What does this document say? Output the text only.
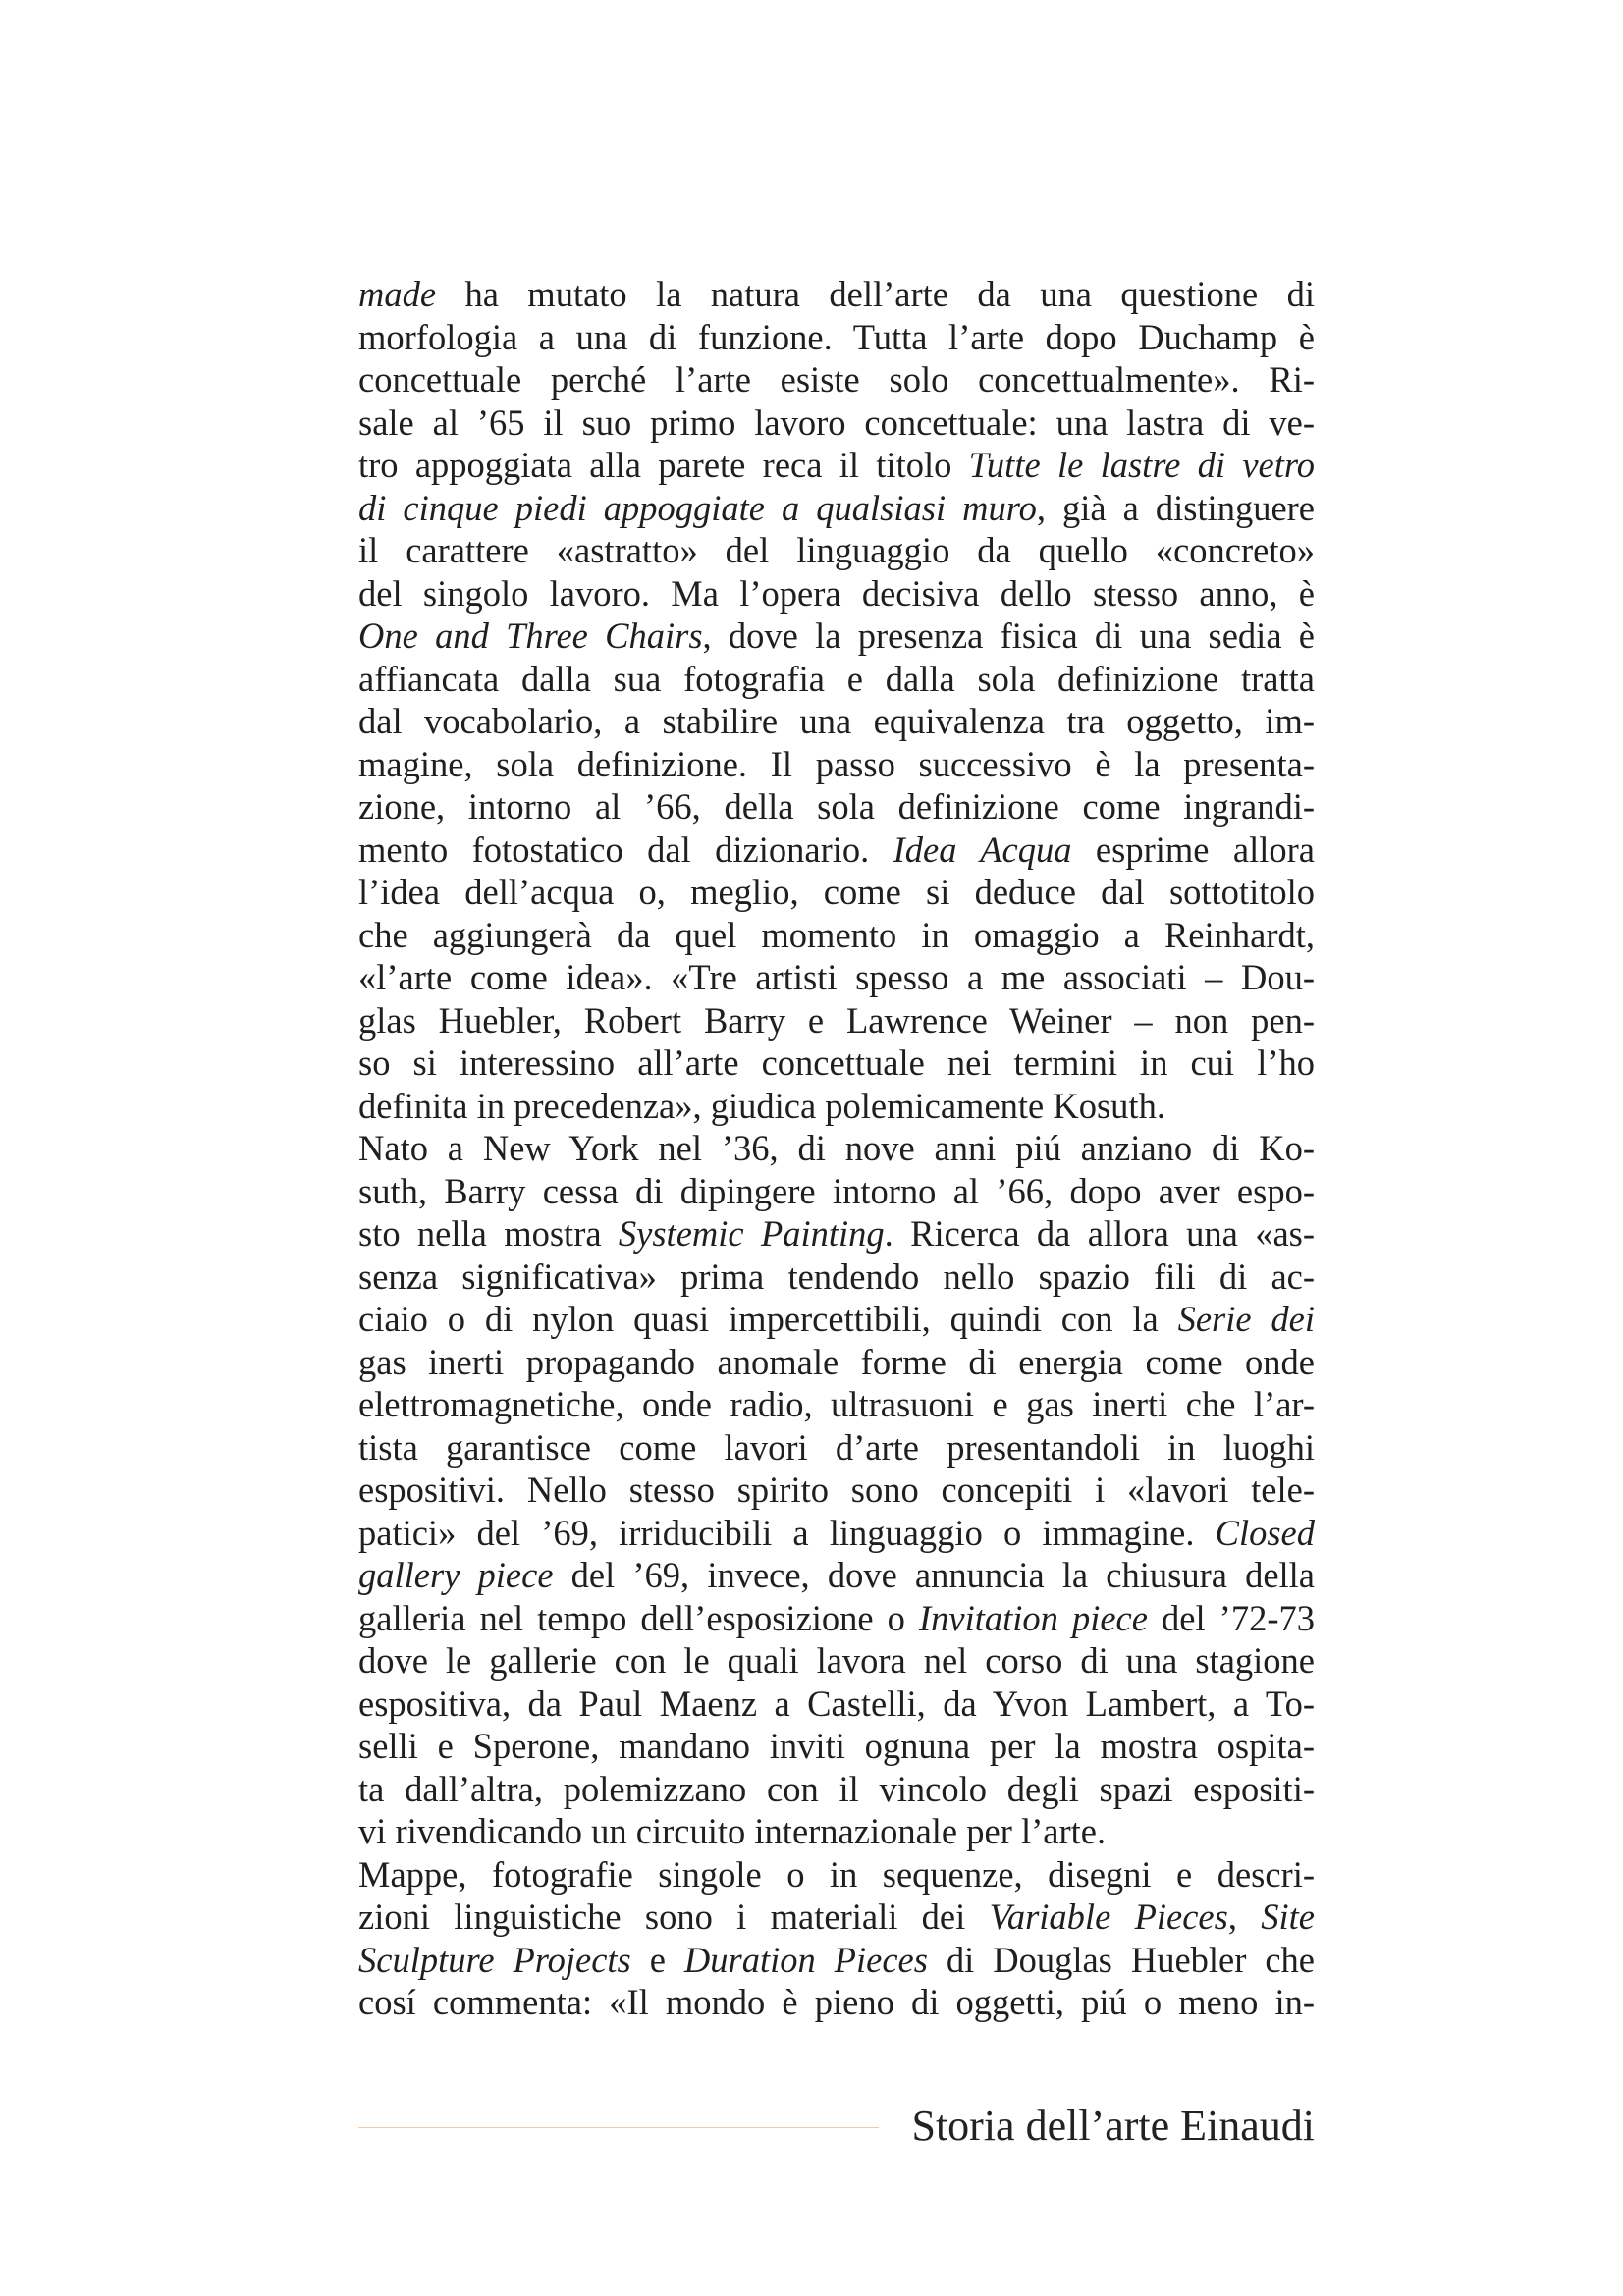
made ha mutato la natura dell’arte da una questione di
morfologia a una di funzione. Tutta l’arte dopo Duchamp è
concettuale perché l’arte esiste solo concettualmente». Ri-
sale al ’65 il suo primo lavoro concettuale: una lastra di ve-
tro appoggiata alla parete reca il titolo Tutte le lastre di vetro
di cinque piedi appoggiate a qualsiasi muro, già a distinguere
il carattere «astratto» del linguaggio da quello «concreto»
del singolo lavoro. Ma l’opera decisiva dello stesso anno, è
One and Three Chairs, dove la presenza fisica di una sedia è
affiancata dalla sua fotografia e dalla sola definizione tratta
dal vocabolario, a stabilire una equivalenza tra oggetto, im-
magine, sola definizione. Il passo successivo è la presenta-
zione, intorno al ’66, della sola definizione come ingrandi-
mento fotostatico dal dizionario. Idea Acqua esprime allora
l’idea dell’acqua o, meglio, come si deduce dal sottotitolo
che aggiungerà da quel momento in omaggio a Reinhardt,
«l’arte come idea». «Tre artisti spesso a me associati – Dou-
glas Huebler, Robert Barry e Lawrence Weiner – non pen-
so si interessino all’arte concettuale nei termini in cui l’ho
definita in precedenza», giudica polemicamente Kosuth.
Nato a New York nel ’36, di nove anni piú anziano di Ko-
suth, Barry cessa di dipingere intorno al ’66, dopo aver espo-
sto nella mostra Systemic Painting. Ricerca da allora una «as-
senza significativa» prima tendendo nello spazio fili di ac-
ciaio o di nylon quasi impercettibili, quindi con la Serie dei
gas inerti propagando anomale forme di energia come onde
elettromagnetiche, onde radio, ultrasuoni e gas inerti che l’ar-
tista garantisce come lavori d’arte presentandoli in luoghi
espositivi. Nello stesso spirito sono concepiti i «lavori tele-
patici» del ’69, irriducibili a linguaggio o immagine. Closed
gallery piece del ’69, invece, dove annuncia la chiusura della
galleria nel tempo dell’esposizione o Invitation piece del ’72-73
dove le gallerie con le quali lavora nel corso di una stagione
espositiva, da Paul Maenz a Castelli, da Yvon Lambert, a To-
selli e Sperone, mandano inviti ognuna per la mostra ospita-
ta dall’altra, polemizzano con il vincolo degli spazi espositi-
vi rivendicando un circuito internazionale per l’arte.
Mappe, fotografie singole o in sequenze, disegni e descri-
zioni linguistiche sono i materiali dei Variable Pieces, Site
Sculpture Projects e Duration Pieces di Douglas Huebler che
cosí commenta: «Il mondo è pieno di oggetti, piú o meno in-
Storia dell’arte Einaudi
